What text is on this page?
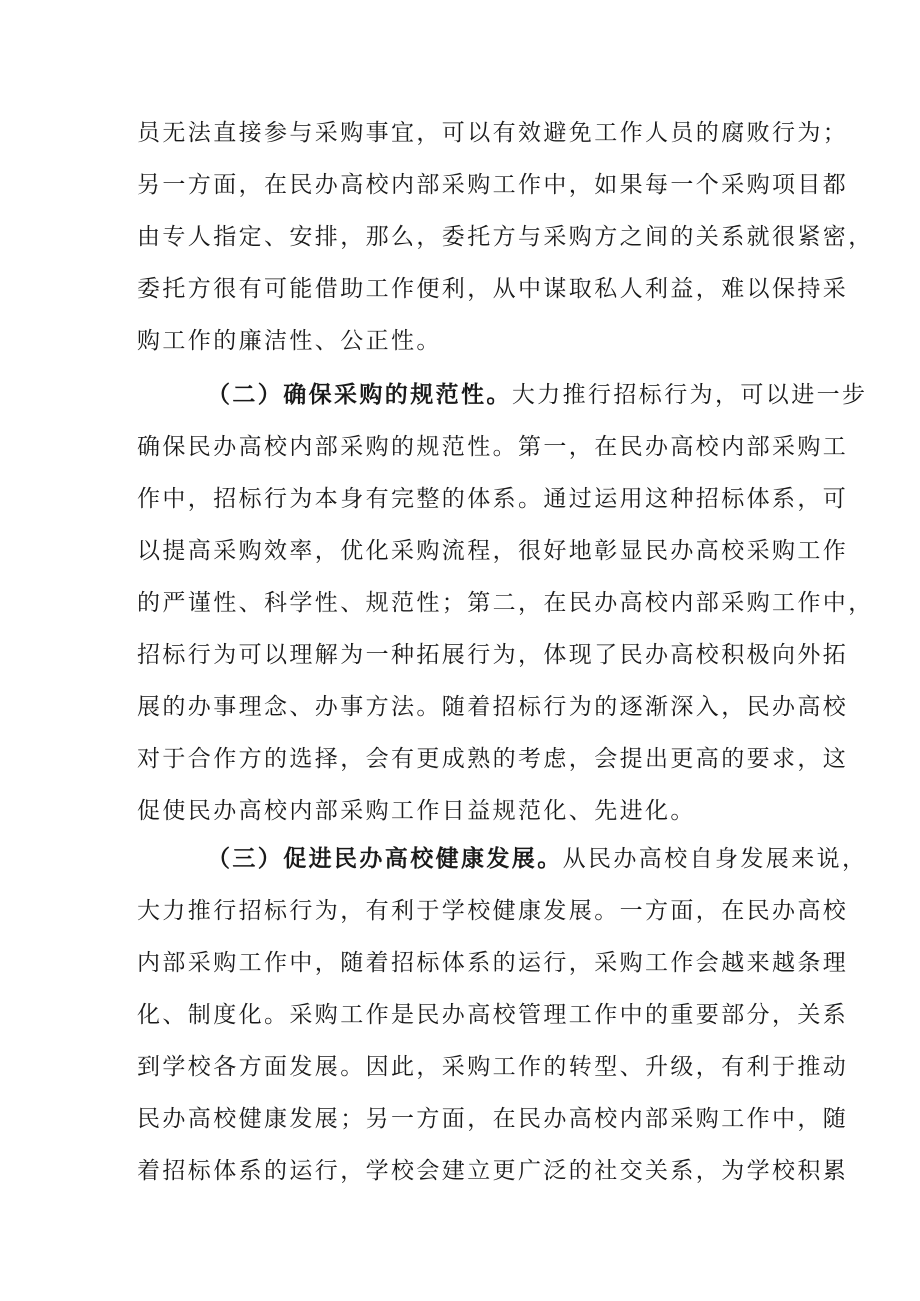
员无法直接参与采购事宜，可以有效避免工作人员的腐败行为；
另一方面，在民办高校内部采购工作中，如果每一个采购项目都
由专人指定、安排，那么，委托方与采购方之间的关系就很紧密，
委托方很有可能借助工作便利，从中谋取私人利益，难以保持采
购工作的廉洁性、公正性。
（二）确保采购的规范性。大力推行招标行为，可以进一步
确保民办高校内部采购的规范性。第一，在民办高校内部采购工
作中，招标行为本身有完整的体系。通过运用这种招标体系，可
以提高采购效率，优化采购流程，很好地彰显民办高校采购工作
的严谨性、科学性、规范性；第二，在民办高校内部采购工作中，
招标行为可以理解为一种拓展行为，体现了民办高校积极向外拓
展的办事理念、办事方法。随着招标行为的逐渐深入，民办高校
对于合作方的选择，会有更成熟的考虑，会提出更高的要求，这
促使民办高校内部采购工作日益规范化、先进化。
（三）促进民办高校健康发展。从民办高校自身发展来说，
大力推行招标行为，有利于学校健康发展。一方面，在民办高校
内部采购工作中，随着招标体系的运行，采购工作会越来越条理
化、制度化。采购工作是民办高校管理工作中的重要部分，关系
到学校各方面发展。因此，采购工作的转型、升级，有利于推动
民办高校健康发展；另一方面，在民办高校内部采购工作中，随
着招标体系的运行，学校会建立更广泛的社交关系，为学校积累
